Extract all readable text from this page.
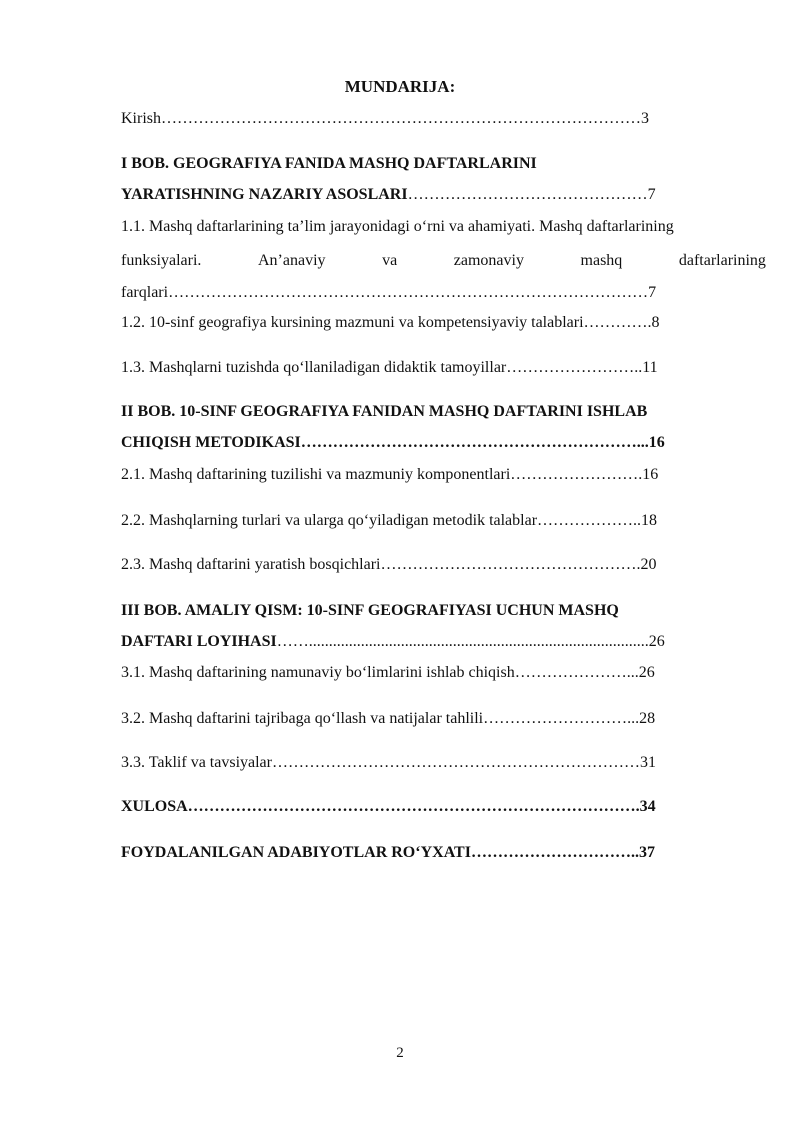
MUNDARIJA:
Kirish………………………………………………………………………………3
I BOB. GEOGRAFIYA FANIDA MASHQ DAFTARLARINI
YARATISHNING NAZARIY ASOSLARI………………………………………7
1.1. Mashq daftarlarining ta’lim jarayonidagi o‘rni va ahamiyati. Mashq daftarlarining
funksiyalari.	An’anaviy	va	zamonaviy	mashq	daftarlarining
farqlari………………………………………………………………………………7
1.2. 10-sinf geografiya kursining mazmuni va kompetensiyaviy talablari………….8
1.3. Mashqlarni tuzishda qo‘llaniladigan didaktik tamoyillar……………………..11
II BOB. 10-SINF GEOGRAFIYA FANIDAN MASHQ DAFTARINI ISHLAB
CHIQISH METODIKASI………………………………………………………...16
2.1. Mashq daftarining tuzilishi va mazmuniy komponentlari…………………….16
2.2. Mashqlarning turlari va ularga qo‘yiladigan metodik talablar………………..18
2.3. Mashq daftarini yaratish bosqichlari………………………………………….20
III BOB. AMALIY QISM: 10-SINF GEOGRAFIYASI UCHUN MASHQ
DAFTARI LOYIHASI…….....................................................................................26
3.1. Mashq daftarining namunaviy bo‘limlarini ishlab chiqish…………………...26
3.2. Mashq daftarini tajribaga qo‘llash va natijalar tahlili………………………...28
3.3. Taklif va tavsiyalar……………………………………………………………31
XULOSA………………………………………………………………………….34
FOYDALANILGAN ADABIYOTLAR RO‘YXATI…………………………..37
2
